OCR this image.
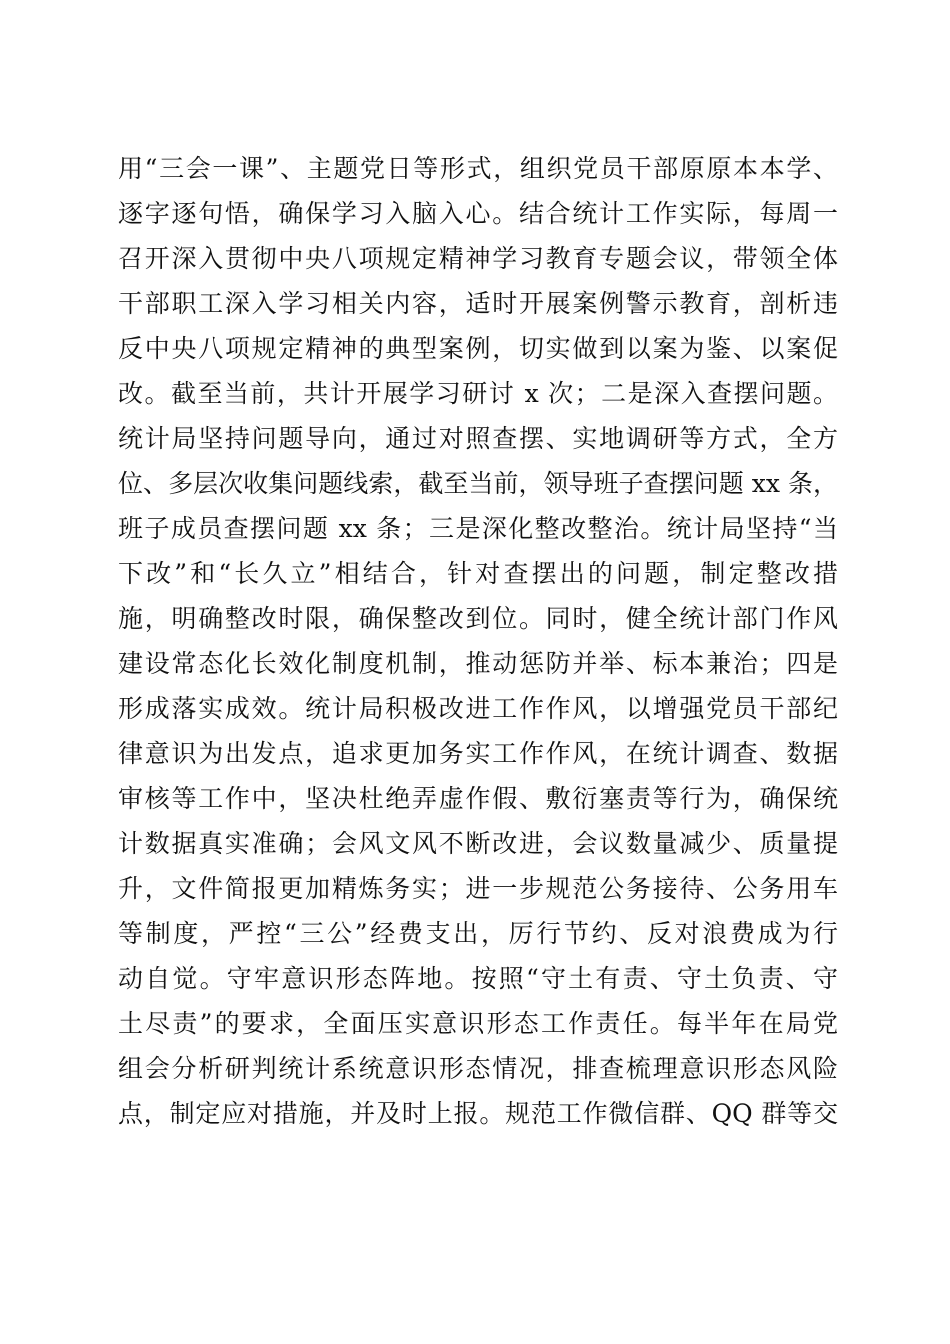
用“三会一课”、主题党日等形式，组织党员干部原原本本学、
逐字逐句悟，确保学习入脑入心。结合统计工作实际，每周一
召开深入贯彻中央八项规定精神学习教育专题会议，带领全体
干部职工深入学习相关内容，适时开展案例警示教育，剖析违
反中央八项规定精神的典型案例，切实做到以案为鉴、以案促
改。截至当前，共计开展学习研讨 x 次；二是深入查摆问题。
统计局坚持问题导向，通过对照查摆、实地调研等方式，全方
位、多层次收集问题线索，截至当前，领导班子查摆问题 xx 条，
班子成员查摆问题 xx 条；三是深化整改整治。统计局坚持“当
下改”和“长久立”相结合，针对查摆出的问题，制定整改措
施，明确整改时限，确保整改到位。同时，健全统计部门作风
建设常态化长效化制度机制，推动惩防并举、标本兼治；四是
形成落实成效。统计局积极改进工作作风，以增强党员干部纪
律意识为出发点，追求更加务实工作作风，在统计调查、数据
审核等工作中，坚决杜绝弄虚作假、敷衍塞责等行为，确保统
计数据真实准确；会风文风不断改进，会议数量减少、质量提
升，文件简报更加精炼务实；进一步规范公务接待、公务用车
等制度，严控“三公”经费支出，厉行节约、反对浪费成为行
动自觉。守牢意识形态阵地。按照“守土有责、守土负责、守
土尽责”的要求，全面压实意识形态工作责任。每半年在局党
组会分析研判统计系统意识形态情况，排查梳理意识形态风险
点，制定应对措施，并及时上报。规范工作微信群、QQ 群等交
